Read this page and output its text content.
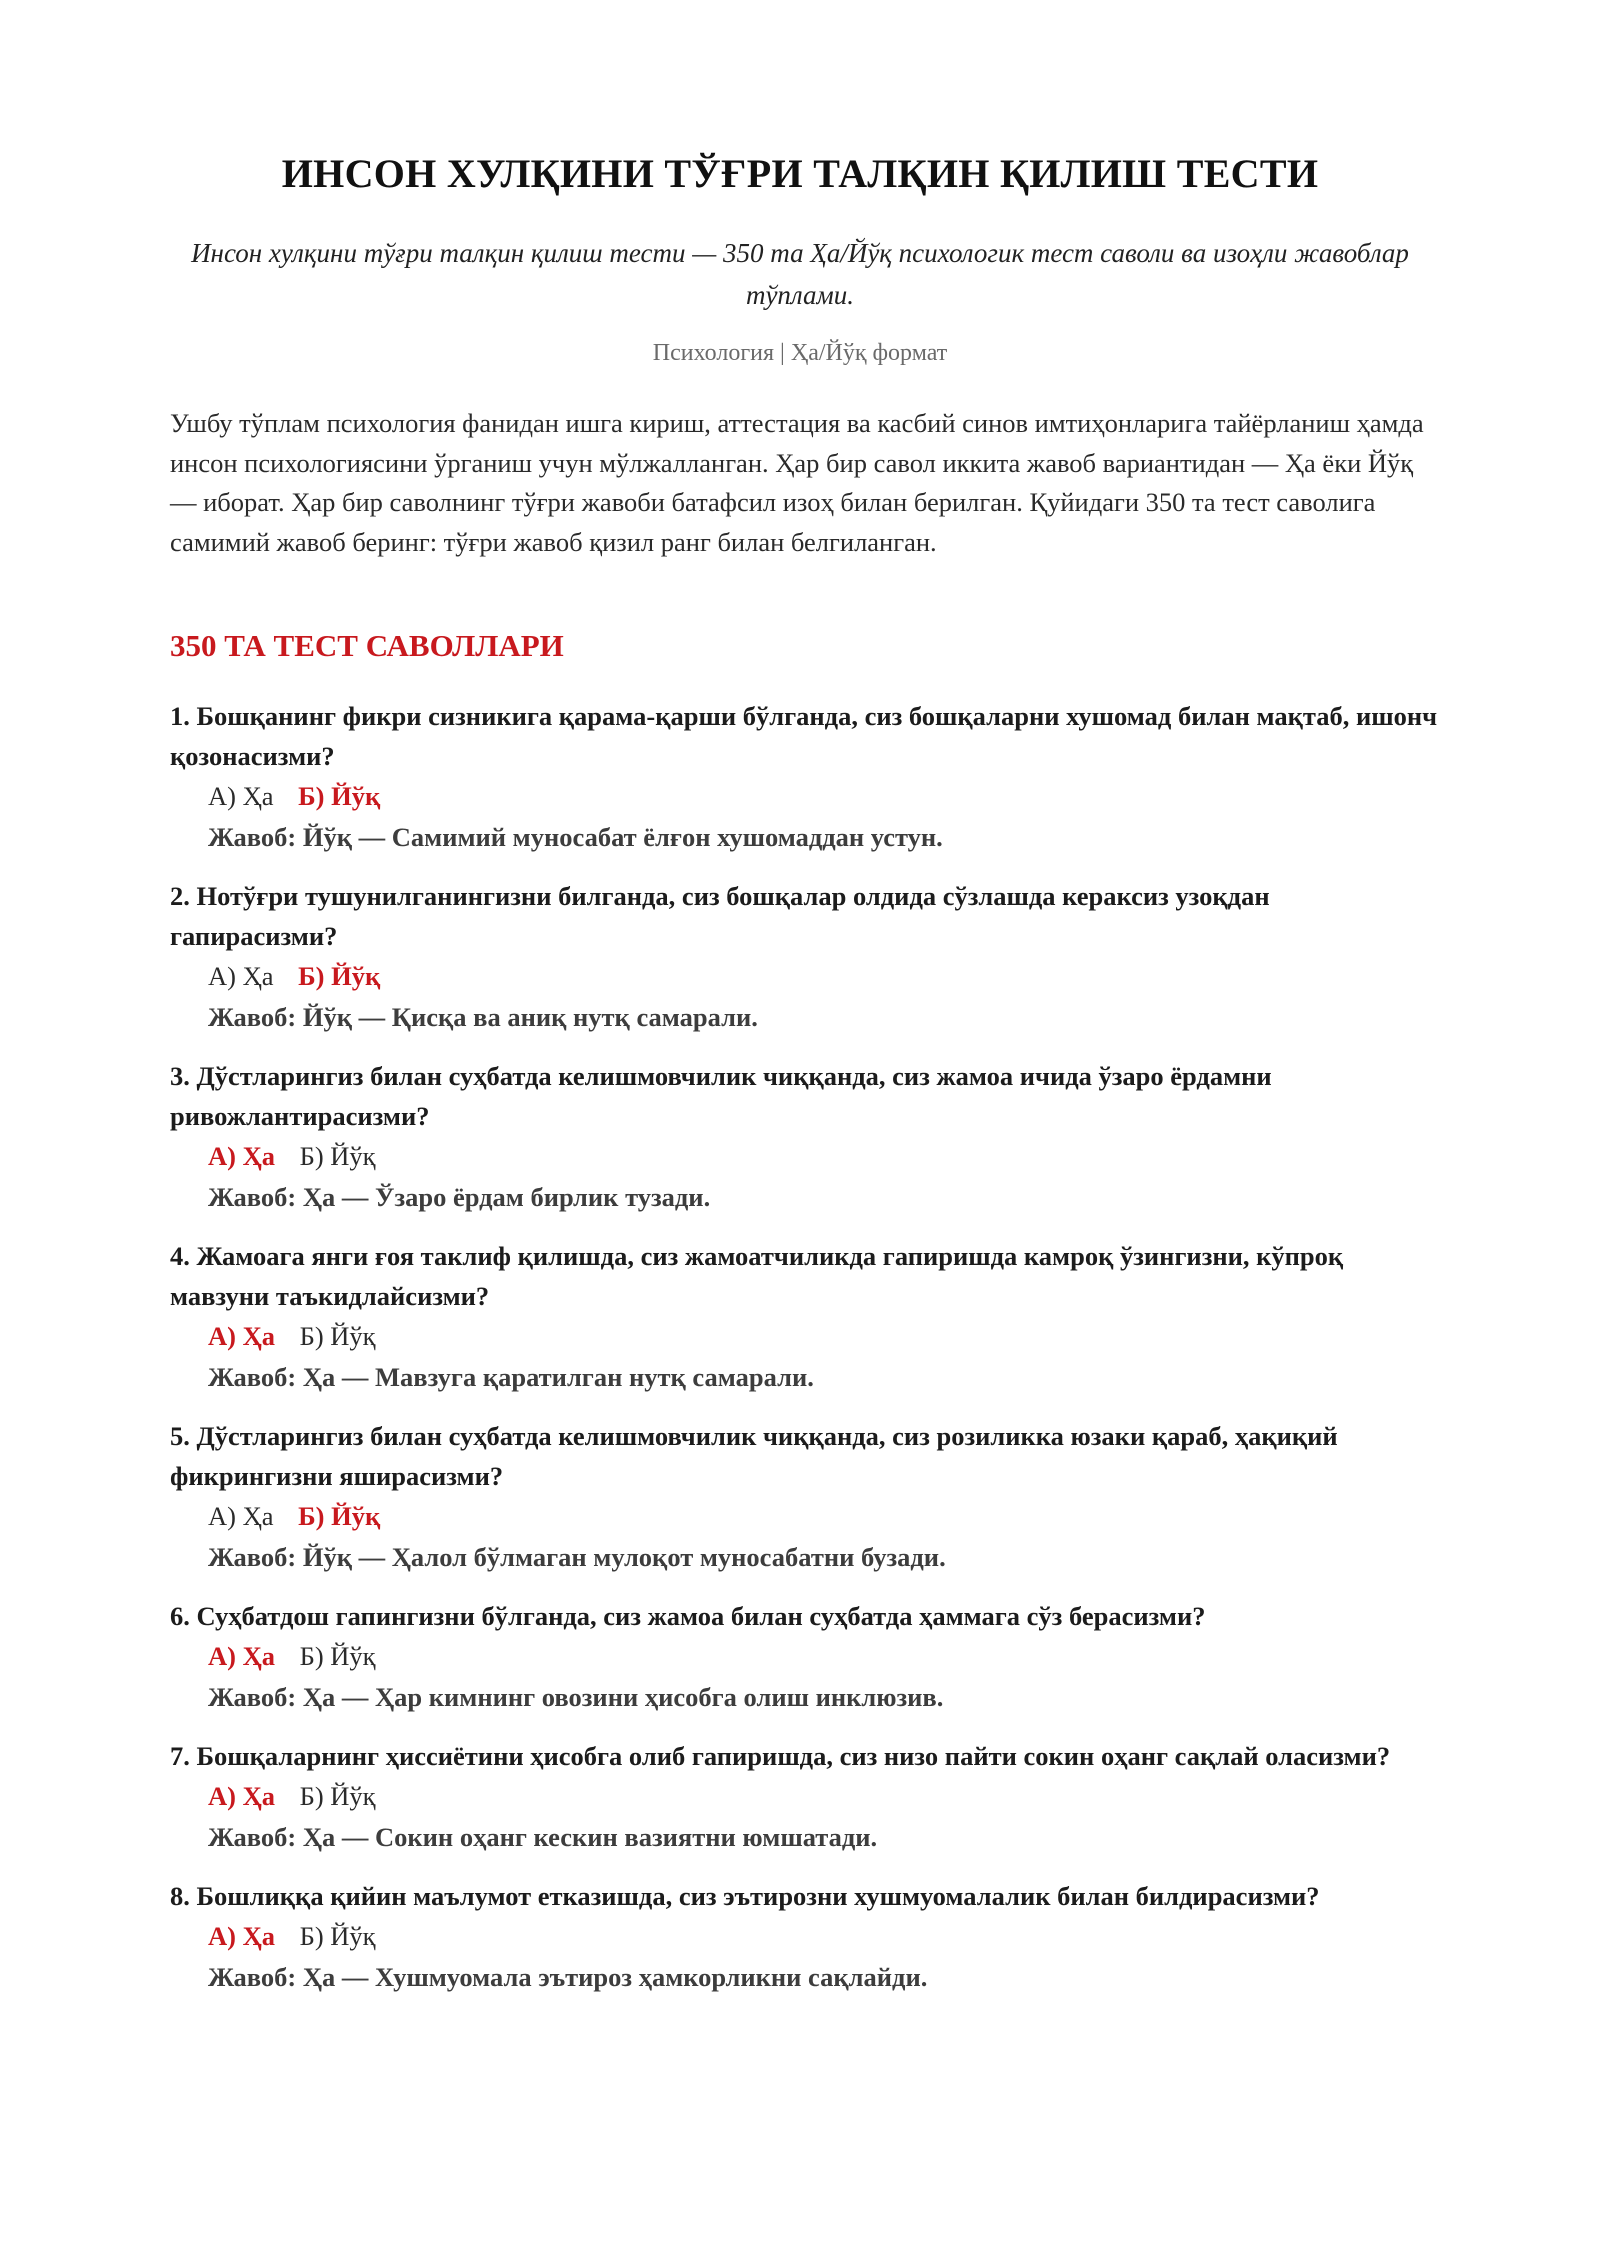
ИНСОН ХУЛҚИНИ ТЎҒРИ ТАЛҚИН ҚИЛИШ ТЕСТИ
Инсон хулқини тўғри талқин қилиш тести — 350 та Ҳа/Йўқ психологик тест саволи ва изоҳли жавоблар тўплами.
Психология | Ҳа/Йўқ формат
Ушбу тўплам психология фанидан ишга кириш, аттестация ва касбий синов имтиҳонларига тайёрланиш ҳамда инсон психологиясини ўрганиш учун мўлжалланган. Ҳар бир савол иккита жавоб вариантидан — Ҳа ёки Йўқ — иборат. Ҳар бир саволнинг тўғри жавоби батафсил изоҳ билан берилган. Қуйидаги 350 та тест саволига самимий жавоб беринг: тўғри жавоб қизил ранг билан белгиланган.
350 ТА ТЕСТ САВОЛЛАРИ
1. Бошқанинг фикри сизникига қарама-қарши бўлганда, сиз бошқаларни хушомад билан мақтаб, ишонч қозонасизми?
А) Ҳа Б) Йўқ
Жавоб: Йўқ — Самимий муносабат ёлғон хушомаддан устун.
2. Нотўғри тушунилганингизни билганда, сиз бошқалар олдида сўзлашда кераксиз узоқдан гапирасизми?
А) Ҳа Б) Йўқ
Жавоб: Йўқ — Қисқа ва аниқ нутқ самарали.
3. Дўстларингиз билан суҳбатда келишмовчилик чиққанда, сиз жамоа ичида ўзаро ёрдамни ривожлантирасизми?
А) Ҳа Б) Йўқ
Жавоб: Ҳа — Ўзаро ёрдам бирлик тузади.
4. Жамоага янги ғоя таклиф қилишда, сиз жамоатчиликда гапиришда камроқ ўзингизни, кўпроқ мавзуни таъкидлайсизми?
А) Ҳа Б) Йўқ
Жавоб: Ҳа — Мавзуга қаратилган нутқ самарали.
5. Дўстларингиз билан суҳбатда келишмовчилик чиққанда, сиз розиликка юзаки қараб, ҳақиқий фикрингизни яширасизми?
А) Ҳа Б) Йўқ
Жавоб: Йўқ — Ҳалол бўлмаган мулоқот муносабатни бузади.
6. Суҳбатдош гапингизни бўлганда, сиз жамоа билан суҳбатда ҳаммага сўз берасизми?
А) Ҳа Б) Йўқ
Жавоб: Ҳа — Ҳар кимнинг овозини ҳисобга олиш инклюзив.
7. Бошқаларнинг ҳиссиётини ҳисобга олиб гапиришда, сиз низо пайти сокин оҳанг сақлай оласизми?
А) Ҳа Б) Йўқ
Жавоб: Ҳа — Сокин оҳанг кескин вазиятни юмшатади.
8. Бошлиққа қийин маълумот етказишда, сиз эътирозни хушмуомалалик билан билдирасизми?
А) Ҳа Б) Йўқ
Жавоб: Ҳа — Хушмуомала эътироз ҳамкорликни сақлайди.
